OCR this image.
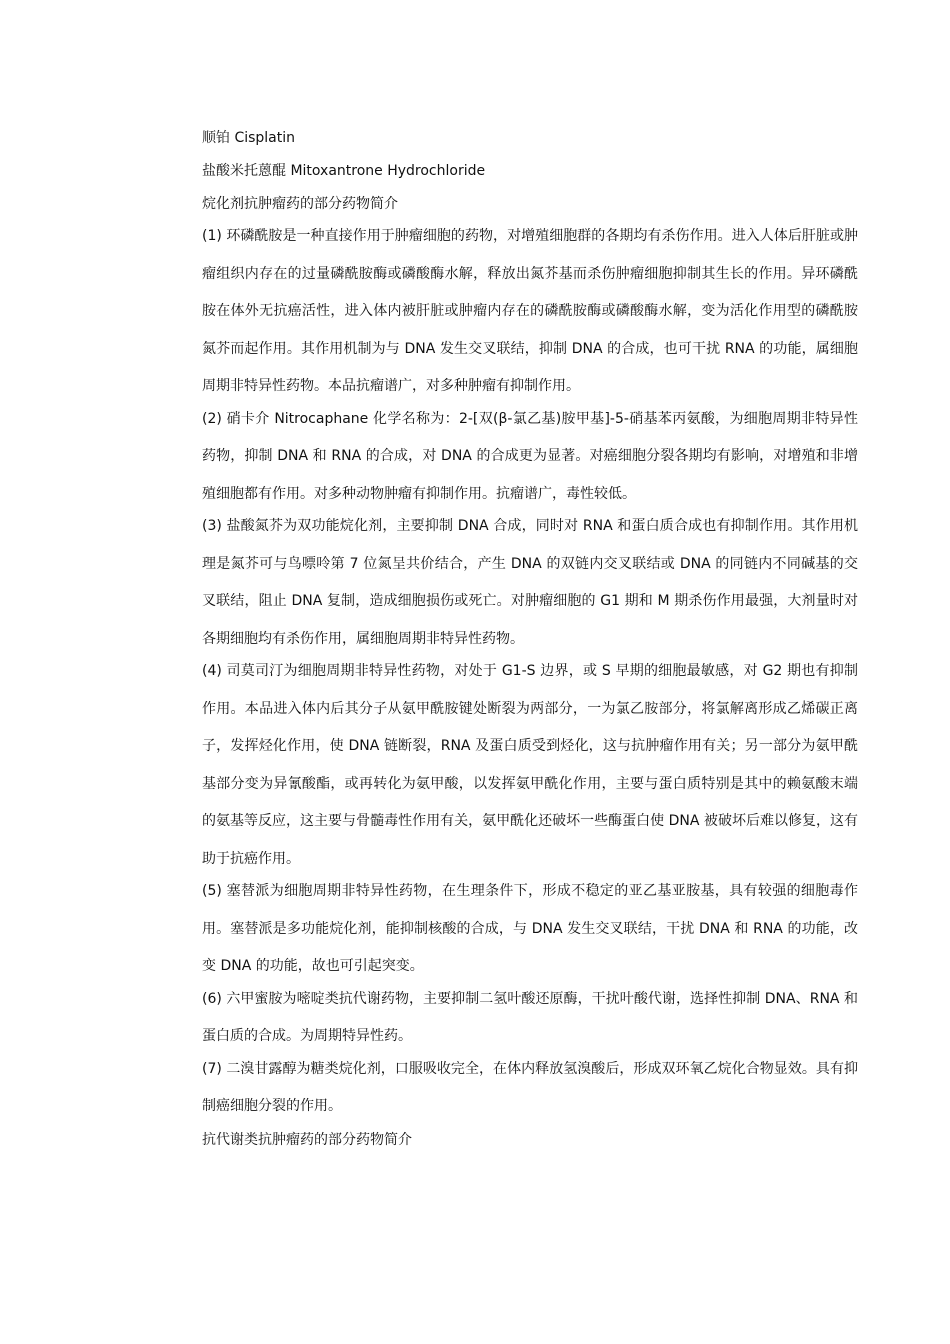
顺铂 Cisplatin
盐酸米托蒽醌 Mitoxantrone Hydrochloride
烷化剂抗肿瘤药的部分药物简介
(1) 环磷酰胺是一种直接作用于肿瘤细胞的药物，对增殖细胞群的各期均有杀伤作用。进入人体后肝脏或肿瘤组织内存在的过量磷酰胺酶或磷酸酶水解，释放出氮芥基而杀伤肿瘤细胞抑制其生长的作用。异环磷酰胺在体外无抗癌活性，进入体内被肝脏或肿瘤内存在的磷酰胺酶或磷酸酶水解，变为活化作用型的磷酰胺氮芥而起作用。其作用机制为与 DNA 发生交叉联结，抑制 DNA 的合成，也可干扰 RNA 的功能，属细胞周期非特异性药物。本品抗瘤谱广，对多种肿瘤有抑制作用。
(2) 硝卡介 Nitrocaphane 化学名称为：2-[双(β-氯乙基)胺甲基]-5-硝基苯丙氨酸，为细胞周期非特异性药物，抑制 DNA 和 RNA 的合成，对 DNA 的合成更为显著。对癌细胞分裂各期均有影响，对增殖和非增殖细胞都有作用。对多种动物肿瘤有抑制作用。抗瘤谱广，毒性较低。
(3) 盐酸氮芥为双功能烷化剂，主要抑制 DNA 合成，同时对 RNA 和蛋白质合成也有抑制作用。其作用机理是氮芥可与鸟嘌呤第 7 位氮呈共价结合，产生 DNA 的双链内交叉联结或 DNA 的同链内不同碱基的交叉联结，阻止 DNA 复制，造成细胞损伤或死亡。对肿瘤细胞的 G1 期和 M 期杀伤作用最强，大剂量时对各期细胞均有杀伤作用，属细胞周期非特异性药物。
(4) 司莫司汀为细胞周期非特异性药物，对处于 G1-S 边界，或 S 早期的细胞最敏感，对 G2 期也有抑制作用。本品进入体内后其分子从氨甲酰胺键处断裂为两部分，一为氯乙胺部分，将氯解离形成乙烯碳正离子，发挥烃化作用，使 DNA 链断裂，RNA 及蛋白质受到烃化，这与抗肿瘤作用有关；另一部分为氨甲酰基部分变为异氰酸酯，或再转化为氨甲酸，以发挥氨甲酰化作用，主要与蛋白质特别是其中的赖氨酸末端的氨基等反应，这主要与骨髓毒性作用有关，氨甲酰化还破坏一些酶蛋白使 DNA 被破坏后难以修复，这有助于抗癌作用。
(5) 塞替派为细胞周期非特异性药物，在生理条件下，形成不稳定的亚乙基亚胺基，具有较强的细胞毒作用。塞替派是多功能烷化剂，能抑制核酸的合成，与 DNA 发生交叉联结，干扰 DNA 和 RNA 的功能，改变 DNA 的功能，故也可引起突变。
(6) 六甲蜜胺为嘧啶类抗代谢药物，主要抑制二氢叶酸还原酶，干扰叶酸代谢，选择性抑制 DNA、RNA 和蛋白质的合成。为周期特异性药。
(7) 二溴甘露醇为糖类烷化剂，口服吸收完全，在体内释放氢溴酸后，形成双环氧乙烷化合物显效。具有抑制癌细胞分裂的作用。
抗代谢类抗肿瘤药的部分药物简介
